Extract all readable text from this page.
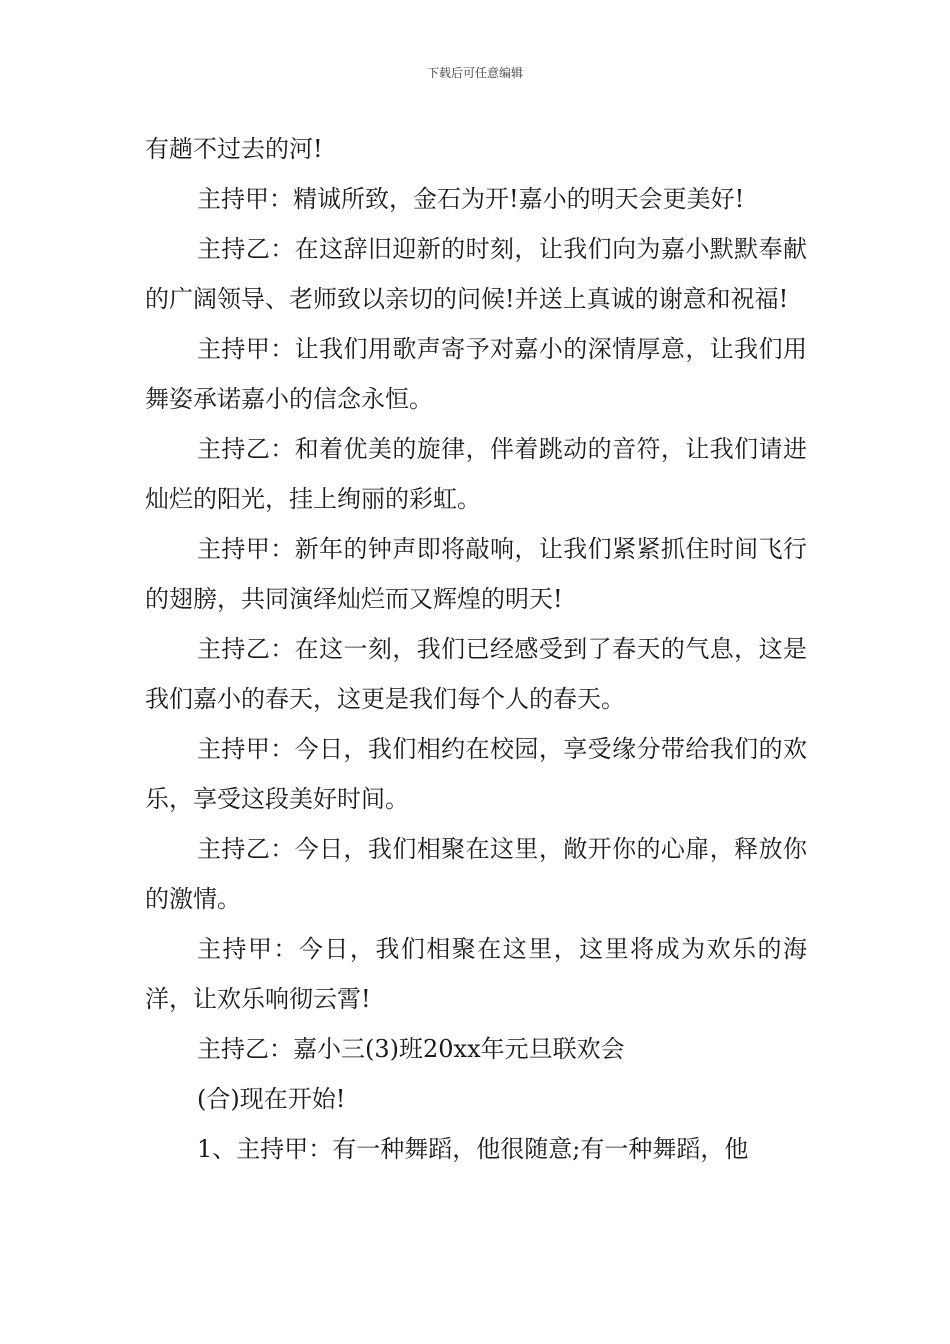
下载后可任意编辑

有趟不过去的河!

主持甲：精诚所致，金石为开!嘉小的明天会更美好!

主持乙：在这辞旧迎新的时刻，让我们向为嘉小默默奉献的广阔领导、老师致以亲切的问候!并送上真诚的谢意和祝福!

主持甲：让我们用歌声寄予对嘉小的深情厚意，让我们用舞姿承诺嘉小的信念永恒。

主持乙：和着优美的旋律，伴着跳动的音符，让我们请进灿烂的阳光，挂上绚丽的彩虹。

主持甲：新年的钟声即将敲响，让我们紧紧抓住时间飞行的翅膀，共同演绎灿烂而又辉煌的明天!

主持乙：在这一刻，我们已经感受到了春天的气息，这是我们嘉小的春天，这更是我们每个人的春天。

主持甲：今日，我们相约在校园，享受缘分带给我们的欢乐，享受这段美好时间。

主持乙：今日，我们相聚在这里，敞开你的心扉，释放你的激情。

主持甲：今日，我们相聚在这里，这里将成为欢乐的海洋，让欢乐响彻云霄!

主持乙：嘉小三(3)班20xx年元旦联欢会

(合)现在开始!

1、主持甲：有一种舞蹈，他很随意;有一种舞蹈，他
